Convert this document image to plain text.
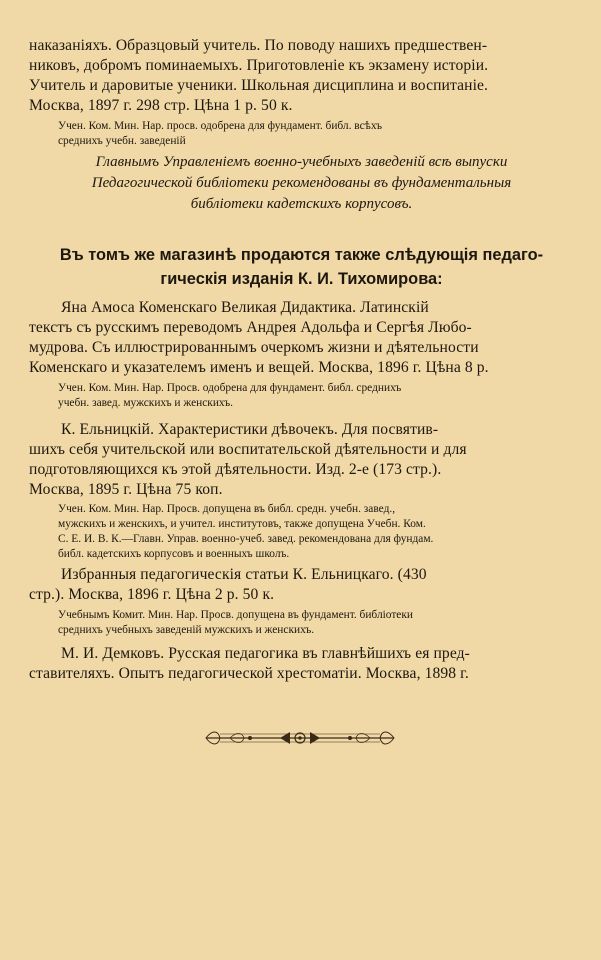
наказаніяхъ. Образцовый учитель. По поводу нашихъ предшествен-

никовъ, добромъ поминаемыхъ. Приготовленіе къ экзамену исторіи.

Учитель и даровитые ученики. Школьная дисциплина и воспитаніе.

Москва, 1897 г. 298 стр. Цѣна 1 р. 50 к.

Учен. Ком. Мин. Нар. просв. одобрена для фундамент. библ. всѣхъ

среднихъ учебн. заведеній

Главнымъ Управленіемъ военно-учебныхъ заведеній всѣ выпуски

Педагогической библіотеки рекомендованы въ фундаментальныя

библіотеки кадетскихъ корпусовъ.

Въ томъ же магазинѣ продаются также слѣдующія педаго-
гическія изданія К. И. Тихомирова:

Яна Амоса Коменскаго Великая Дидактика. Латинскій

текстъ съ русскимъ переводомъ Андрея Адольфа и Сергѣя Любо-

мудрова. Съ иллюстрированнымъ очеркомъ жизни и дѣятельности

Коменскаго и указателемъ именъ и вещей. Москва, 1896 г. Цѣна 8 р.

Учен. Ком. Мин. Нар. Просв. одобрена для фундамент. библ. среднихъ

учебн. завед. мужскихъ и женскихъ.

К. Ельницкій. Характеристики дѣвочекъ. Для посвятив-

шихъ себя учительской или воспитательской дѣятельности и для

подготовляющихся къ этой дѣятельности. Изд. 2-е (173 стр.).

Москва, 1895 г. Цѣна 75 коп.

Учен. Ком. Мин. Нар. Просв. допущена въ библ. средн. учебн. завед.,

мужскихъ и женскихъ, и учител. институтовъ, также допущена Учебн. Ком.

С. Е. И. В. К.—Главн. Управ. военно-учеб. завед. рекомендована для фундам.

библ. кадетскихъ корпусовъ и военныхъ школъ.

Избранныя педагогическія статьи К. Ельницкаго. (430

стр.). Москва, 1896 г. Цѣна 2 р. 50 к.

Учебнымъ Комит. Мин. Нар. Просв. допущена въ фундамент. библіотеки

среднихъ учебныхъ заведеній мужскихъ и женскихъ.

М. И. Демковъ. Русская педагогика въ главнѣйшихъ ея пред-

ставителяхъ. Опытъ педагогической хрестоматіи. Москва, 1898 г.
